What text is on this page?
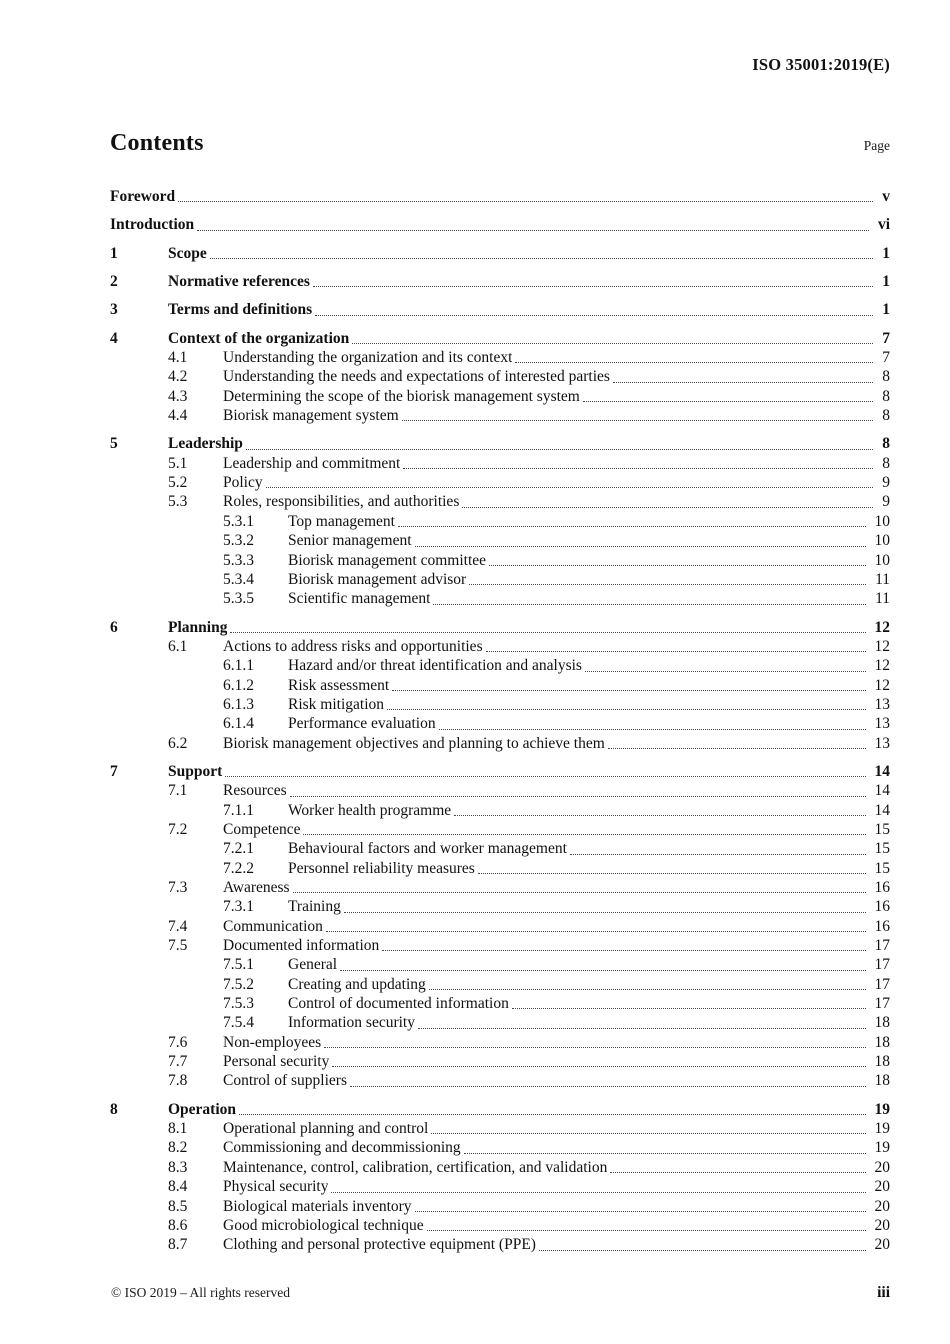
ISO 35001:2019(E)
Contents	Page
Foreword	v
Introduction	vi
1	Scope	1
2	Normative references	1
3	Terms and definitions	1
4	Context of the organization	7
4.1	Understanding the organization and its context	7
4.2	Understanding the needs and expectations of interested parties	8
4.3	Determining the scope of the biorisk management system	8
4.4	Biorisk management system	8
5	Leadership	8
5.1	Leadership and commitment	8
5.2	Policy	9
5.3	Roles, responsibilities, and authorities	9
5.3.1	Top management	10
5.3.2	Senior management	10
5.3.3	Biorisk management committee	10
5.3.4	Biorisk management advisor	11
5.3.5	Scientific management	11
6	Planning	12
6.1	Actions to address risks and opportunities	12
6.1.1	Hazard and/or threat identification and analysis	12
6.1.2	Risk assessment	12
6.1.3	Risk mitigation	13
6.1.4	Performance evaluation	13
6.2	Biorisk management objectives and planning to achieve them	13
7	Support	14
7.1	Resources	14
7.1.1	Worker health programme	14
7.2	Competence	15
7.2.1	Behavioural factors and worker management	15
7.2.2	Personnel reliability measures	15
7.3	Awareness	16
7.3.1	Training	16
7.4	Communication	16
7.5	Documented information	17
7.5.1	General	17
7.5.2	Creating and updating	17
7.5.3	Control of documented information	17
7.5.4	Information security	18
7.6	Non-employees	18
7.7	Personal security	18
7.8	Control of suppliers	18
8	Operation	19
8.1	Operational planning and control	19
8.2	Commissioning and decommissioning	19
8.3	Maintenance, control, calibration, certification, and validation	20
8.4	Physical security	20
8.5	Biological materials inventory	20
8.6	Good microbiological technique	20
8.7	Clothing and personal protective equipment (PPE)	20
© ISO 2019 – All rights reserved	iii
